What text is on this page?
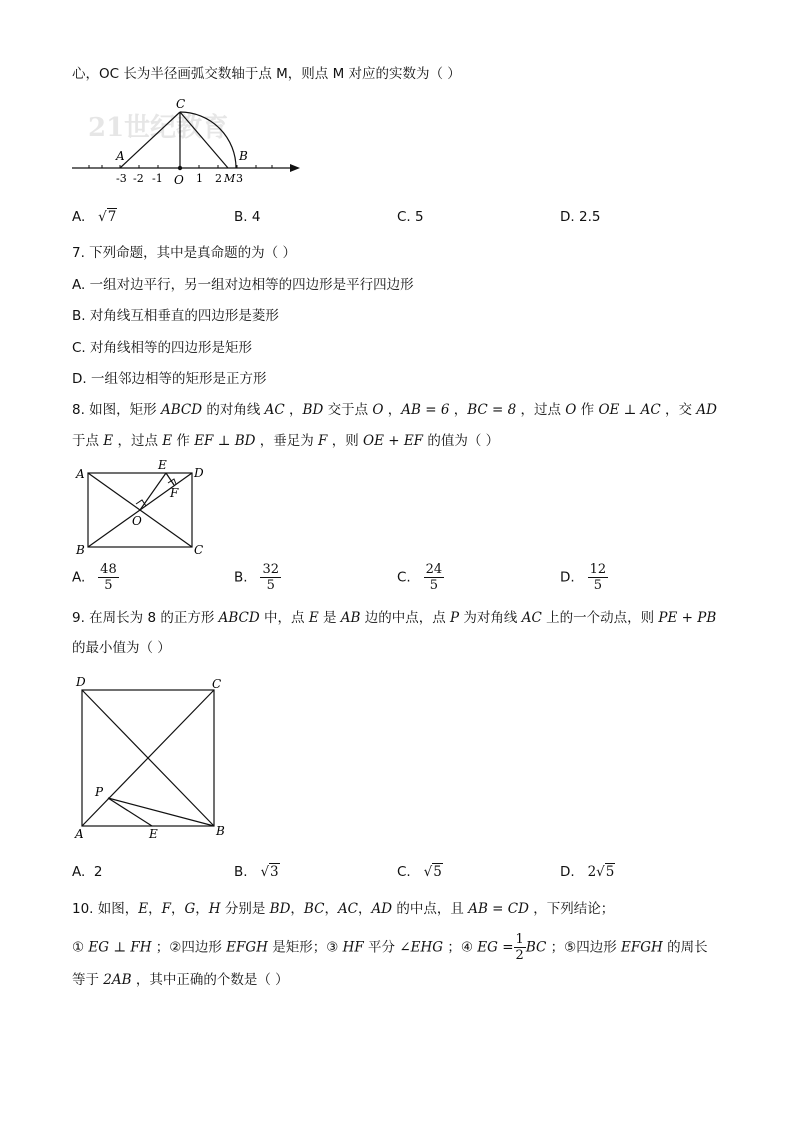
心，OC 长为半径画弧交数轴于点 M，则点 M 对应的实数为（ ）
21世纪教育
A
C
B
O
-3 -2 -1	1 2 M 3
A. √7	B. 4	C. 5	D. 2.5
7. 下列命题，其中是真命题的为（ ）
A. 一组对边平行，另一组对边相等的四边形是平行四边形
B. 对角线互相垂直的四边形是菱形
C. 对角线相等的四边形是矩形
D. 一组邻边相等的矩形是正方形
8. 如图，矩形 ABCD 的对角线 AC ，BD 交于点 O ，AB = 6 ，BC = 8 ，过点 O 作 OE ⊥ AC ，交 AD
于点 E ，过点 E 作 EF ⊥ BD ，垂足为 F ，则 OE + EF 的值为（ ）
A
B	C
D
E
F
O
A. $\frac{48}{5}$	B. $\frac{32}{5}$	C. $\frac{24}{5}$	D. $\frac{12}{5}$
9. 在周长为 8 的正方形 ABCD 中，点 E 是 AB 边的中点，点 P 为对角线 AC 上的一个动点，则 PE + PB
的最小值为（ ）
D	C
A	B
E
P
A. 2	B. √3	C. √5	D. 2√5
10. 如图，E，F，G，H 分别是 BD，BC，AC，AD 的中点，且 AB = CD ，下列结论；
① EG ⊥ FH ；②四边形 EFGH 是矩形；③ HF 平分 ∠EHG ；④ EG = $\frac{1}{2}$ BC ；⑤四边形 EFGH 的周长
等于 2AB ，其中正确的个数是（ ）
